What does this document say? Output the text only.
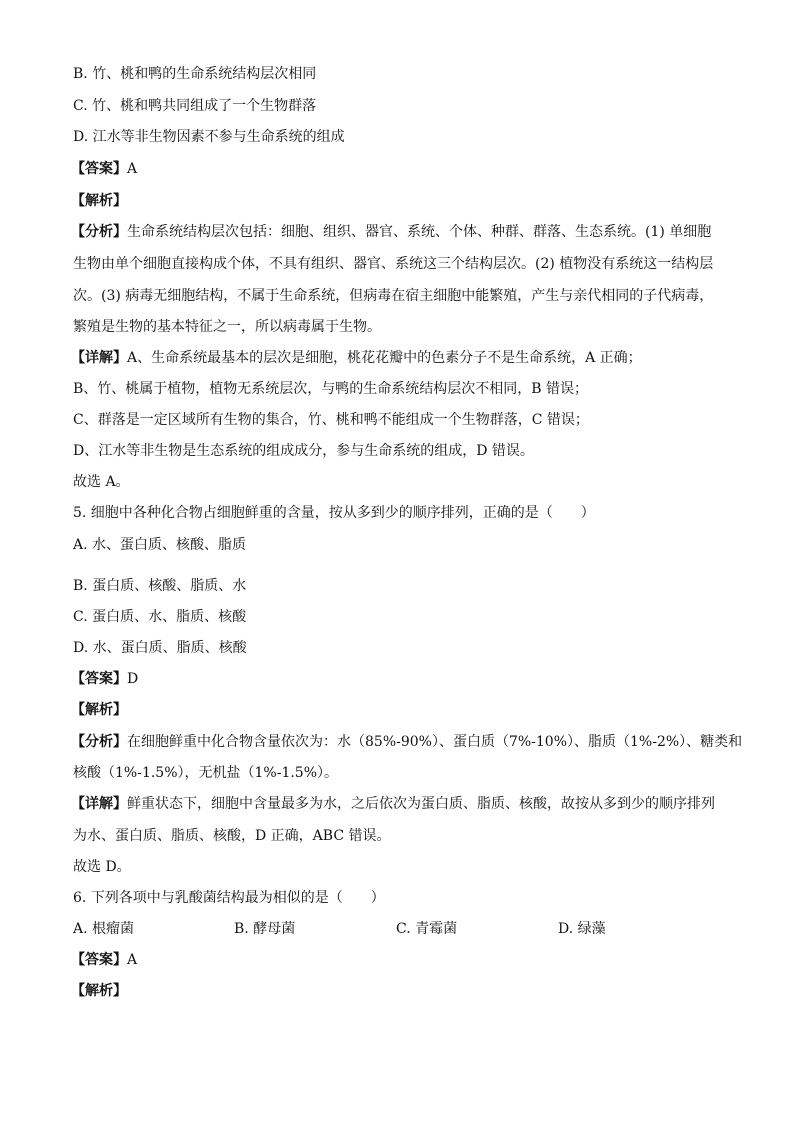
B. 竹、桃和鸭的生命系统结构层次相同
C. 竹、桃和鸭共同组成了一个生物群落
D. 江水等非生物因素不参与生命系统的组成
【答案】A
【解析】
【分析】生命系统结构层次包括：细胞、组织、器官、系统、个体、种群、群落、生态系统。(1) 单细胞
生物由单个细胞直接构成个体，不具有组织、器官、系统这三个结构层次。(2) 植物没有系统这一结构层
次。(3) 病毒无细胞结构，不属于生命系统，但病毒在宿主细胞中能繁殖，产生与亲代相同的子代病毒，
繁殖是生物的基本特征之一，所以病毒属于生物。
【详解】A、生命系统最基本的层次是细胞，桃花花瓣中的色素分子不是生命系统，A 正确；
B、竹、桃属于植物，植物无系统层次，与鸭的生命系统结构层次不相同，B 错误；
C、群落是一定区域所有生物的集合，竹、桃和鸭不能组成一个生物群落，C 错误；
D、江水等非生物是生态系统的组成成分，参与生命系统的组成，D 错误。
故选 A。
5. 细胞中各种化合物占细胞鲜重的含量，按从多到少的顺序排列，正确的是（　　）
A. 水、蛋白质、核酸、脂质
B. 蛋白质、核酸、脂质、水
C. 蛋白质、水、脂质、核酸
D. 水、蛋白质、脂质、核酸
【答案】D
【解析】
【分析】在细胞鲜重中化合物含量依次为：水（85%-90%）、蛋白质（7%-10%）、脂质（1%-2%）、糖类和
核酸（1%-1.5%），无机盐（1%-1.5%）。
【详解】鲜重状态下，细胞中含量最多为水，之后依次为蛋白质、脂质、核酸，故按从多到少的顺序排列
为水、蛋白质、脂质、核酸，D 正确，ABC 错误。
故选 D。
6. 下列各项中与乳酸菌结构最为相似的是（　　）
A. 根瘤菌	B. 酵母菌	C. 青霉菌	D. 绿藻
【答案】A
【解析】
